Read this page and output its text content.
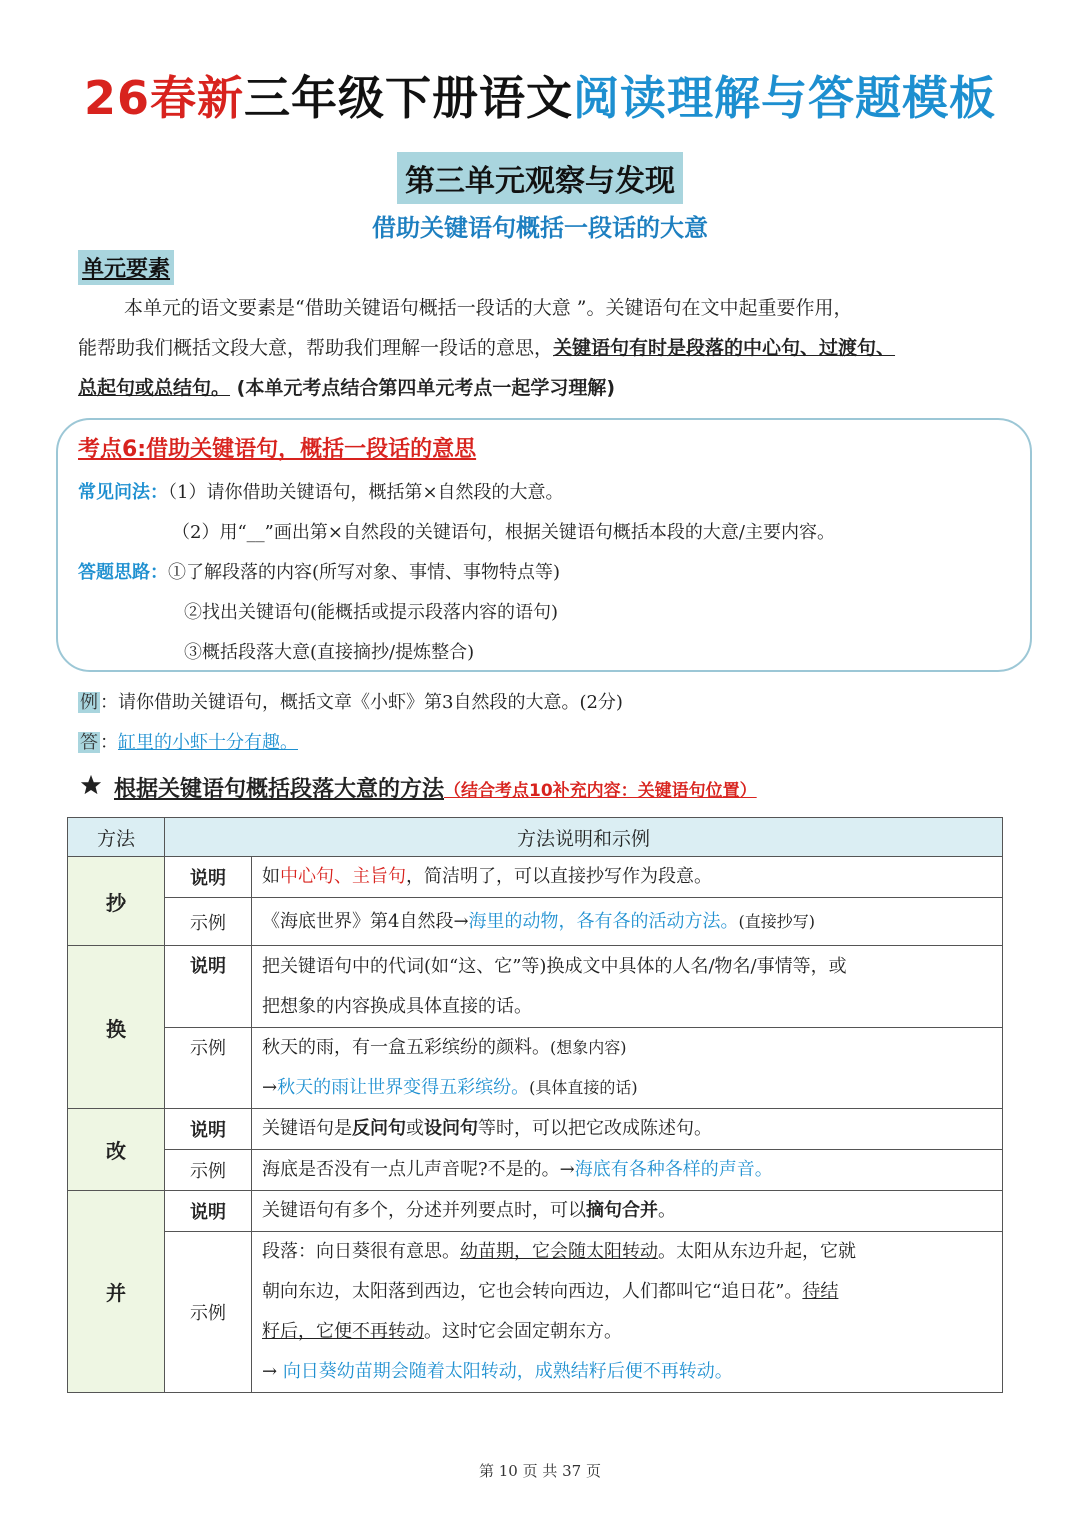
26春新三年级下册语文阅读理解与答题模板
第三单元观察与发现
借助关键语句概括一段话的大意
单元要素
本单元的语文要素是“借助关键语句概括一段话的大意 ”。关键语句在文中起重要作用，
能帮助我们概括文段大意，帮助我们理解一段话的意思，关键语句有时是段落的中心句、过渡句、
总起句或总结句。 (本单元考点结合第四单元考点一起学习理解)
考点6:借助关键语句，概括一段话的意思
常见问法：（1）请你借助关键语句，概括第×自然段的大意。
（2）用“__”画出第×自然段的关键语句，根据关键语句概括本段的大意/主要内容。
答题思路：①了解段落的内容(所写对象、事情、事物特点等)
②找出关键语句(能概括或提示段落内容的语句)
③概括段落大意(直接摘抄/提炼整合)
例 ：请你借助关键语句，概括文章《小虾》第3自然段的大意。(2分)
答 ：缸里的小虾十分有趣。
根据关键语句概括段落大意的方法（结合考点10补充内容：关键语句位置）
方法	方法说明和示例	
抄	说明	如中心句、主旨句，简洁明了，可以直接抄写作为段意。
	示例	《海底世界》第4自然段→海里的动物，各有各的活动方法。(直接抄写)
换	说明	把关键语句中的代词(如“这、它”等)换成文中具体的人名/物名/事情等，或
把想象的内容换成具体直接的话。

	示例	秋天的雨，有一盒五彩缤纷的颜料。(想象内容)
→秋天的雨让世界变得五彩缤纷。(具体直接的话)

改	说明	关键语句是反问句或设问句等时，可以把它改成陈述句。
	示例	海底是否没有一点儿声音呢?不是的。→海底有各种各样的声音。
并	说明	关键语句有多个，分述并列要点时，可以摘句合并。
	示例	段落：向日葵很有意思。幼苗期，它会随太阳转动。太阳从东边升起，它就
朝向东边，太阳落到西边，它也会转向西边，人们都叫它“追日花”。待结
籽后，它便不再转动。这时它会固定朝东方。
→ 向日葵幼苗期会随着太阳转动，成熟结籽后便不再转动。
第 10 页 共 37 页
